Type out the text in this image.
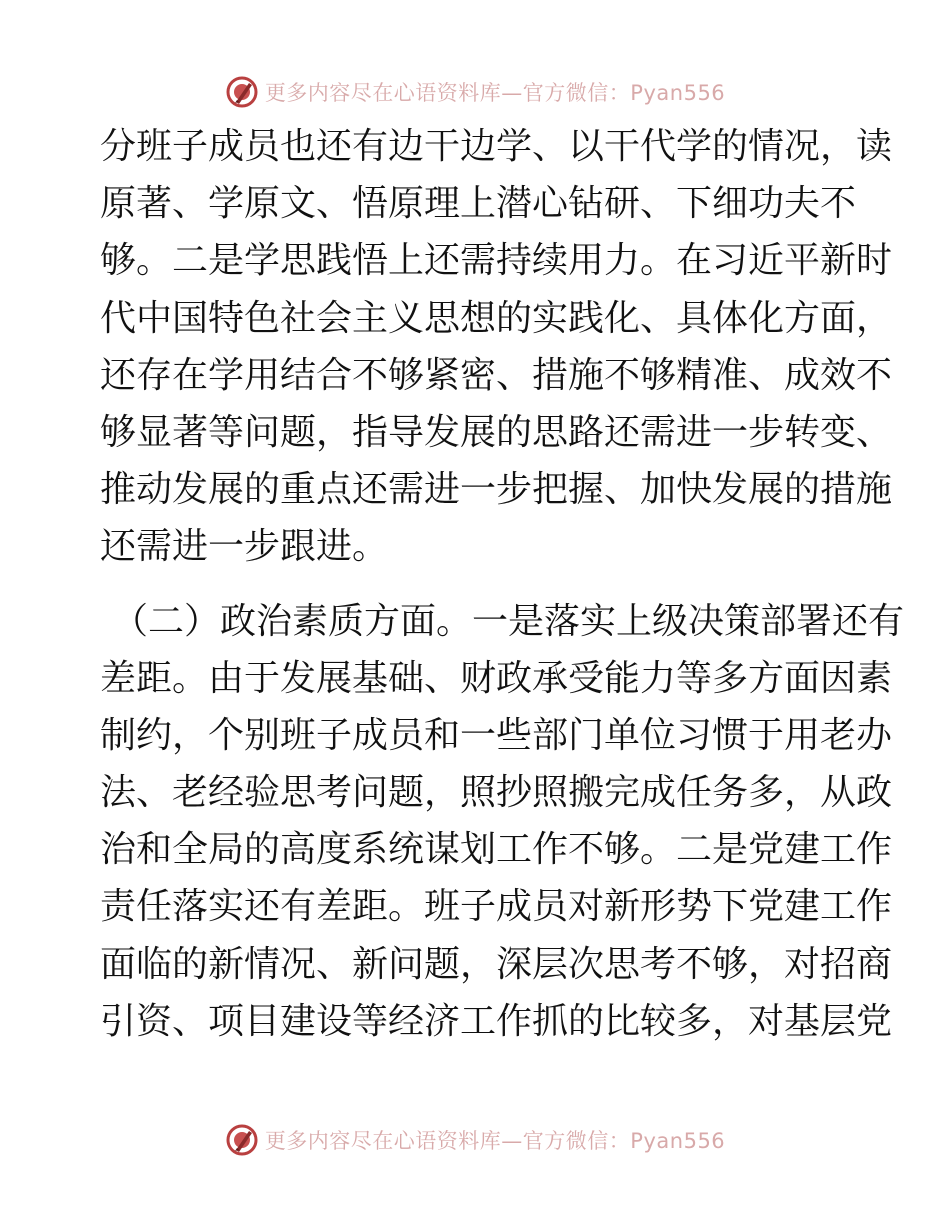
更多内容尽在心语资料库—官方微信：Pyan556
分班子成员也还有边干边学、以干代学的情况，读
原著、学原文、悟原理上潜心钻研、下细功夫不
够。二是学思践悟上还需持续用力。在习近平新时
代中国特色社会主义思想的实践化、具体化方面，
还存在学用结合不够紧密、措施不够精准、成效不
够显著等问题，指导发展的思路还需进一步转变、
推动发展的重点还需进一步把握、加快发展的措施
还需进一步跟进。
（二）政治素质方面。一是落实上级决策部署还有
差距。由于发展基础、财政承受能力等多方面因素
制约，个别班子成员和一些部门单位习惯于用老办
法、老经验思考问题，照抄照搬完成任务多，从政
治和全局的高度系统谋划工作不够。二是党建工作
责任落实还有差距。班子成员对新形势下党建工作
面临的新情况、新问题，深层次思考不够，对招商
引资、项目建设等经济工作抓的比较多，对基层党
更多内容尽在心语资料库—官方微信：Pyan556
